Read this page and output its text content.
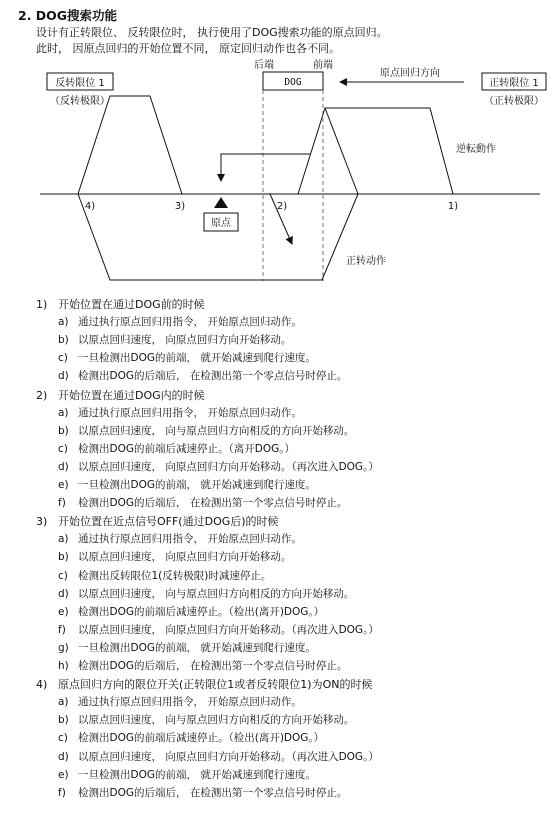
2. DOG搜索功能
设计有正转限位、 反转限位时， 执行使用了DOG搜索功能的原点回归。
此时， 因原点回归的开始位置不同， 原定回归动作也各不同。
反转限位 1
（反转极限）
正转限位 1
（正转极限）
后端	前端
DOG
原点回归方向
原点
逆転動作
正转动作
4)	3)	2)	1)
1) 开始位置在通过DOG前的时候
a) 通过执行原点回归用指令， 开始原点回归动作。
b) 以原点回归速度， 向原点回归方向开始移动。
c) 一旦检测出DOG的前端， 就开始减速到爬行速度。
d) 检测出DOG的后端后， 在检测出第一个零点信号时停止。
2) 开始位置在通过DOG内的时候
a) 通过执行原点回归用指令， 开始原点回归动作。
b) 以原点回归速度， 向与原点回归方向相反的方向开始移动。
c) 检测出DOG的前端后减速停止。（离开DOG。）
d) 以原点回归速度， 向原点回归方向开始移动。（再次进入DOG。）
e) 一旦检测出DOG的前端， 就开始减速到爬行速度。
f) 检测出DOG的后端后， 在检测出第一个零点信号时停止。
3) 开始位置在近点信号OFF(通过DOG后)的时候
a) 通过执行原点回归用指令， 开始原点回归动作。
b) 以原点回归速度， 向原点回归方向开始移动。
c) 检测出反转限位1(反转极限)时减速停止。
d) 以原点回归速度， 向与原点回归方向相反的方向开始移动。
e) 检测出DOG的前端后减速停止。（检出(离开)DOG。）
f) 以原点回归速度， 向原点回归方向开始移动。（再次进入DOG。）
g) 一旦检测出DOG的前端， 就开始减速到爬行速度。
h) 检测出DOG的后端后， 在检测出第一个零点信号时停止。
4) 原点回归方向的限位开关(正转限位1或者反转限位1)为ON的时候
a) 通过执行原点回归用指令， 开始原点回归动作。
b) 以原点回归速度， 向与原点回归方向相反的方向开始移动。
c) 检测出DOG的前端后减速停止。（检出(离开)DOG。）
d) 以原点回归速度， 向原点回归方向开始移动。（再次进入DOG。）
e) 一旦检测出DOG的前端， 就开始减速到爬行速度。
f) 检测出DOG的后端后， 在检测出第一个零点信号时停止。
